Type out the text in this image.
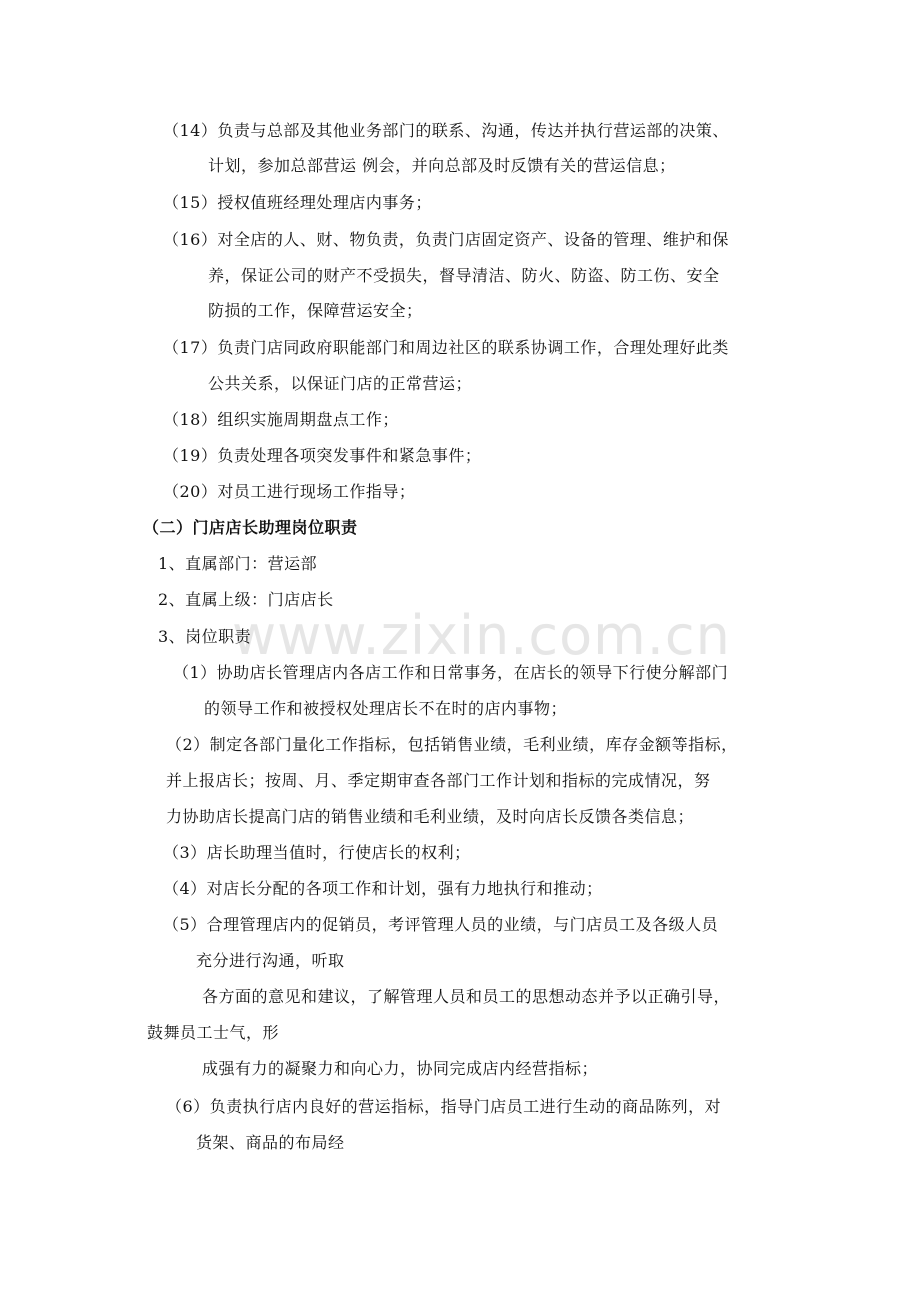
www.zixin.com.cn
（14）负责与总部及其他业务部门的联系、沟通，传达并执行营运部的决策、
计划，参加总部营运 例会，并向总部及时反馈有关的营运信息；
（15）授权值班经理处理店内事务；
（16）对全店的人、财、物负责，负责门店固定资产、设备的管理、维护和保
养，保证公司的财产不受损失，督导清洁、防火、防盗、防工伤、安全
防损的工作，保障营运安全；
（17）负责门店同政府职能部门和周边社区的联系协调工作，合理处理好此类
公共关系，以保证门店的正常营运；
（18）组织实施周期盘点工作；
（19）负责处理各项突发事件和紧急事件；
（20）对员工进行现场工作指导；
（二）门店店长助理岗位职责
1、直属部门：营运部
2、直属上级：门店店长
3、岗位职责
（1）协助店长管理店内各店工作和日常事务，在店长的领导下行使分解部门
的领导工作和被授权处理店长不在时的店内事物；
（2）制定各部门量化工作指标，包括销售业绩，毛利业绩，库存金额等指标，
并上报店长；按周、月、季定期审查各部门工作计划和指标的完成情况，努
力协助店长提高门店的销售业绩和毛利业绩，及时向店长反馈各类信息；
（3）店长助理当值时，行使店长的权利；
（4）对店长分配的各项工作和计划，强有力地执行和推动；
（5）合理管理店内的促销员，考评管理人员的业绩，与门店员工及各级人员
充分进行沟通，听取
各方面的意见和建议，了解管理人员和员工的思想动态并予以正确引导，
鼓舞员工士气，形
成强有力的凝聚力和向心力，协同完成店内经营指标；
（6）负责执行店内良好的营运指标，指导门店员工进行生动的商品陈列，对
货架、商品的布局经
